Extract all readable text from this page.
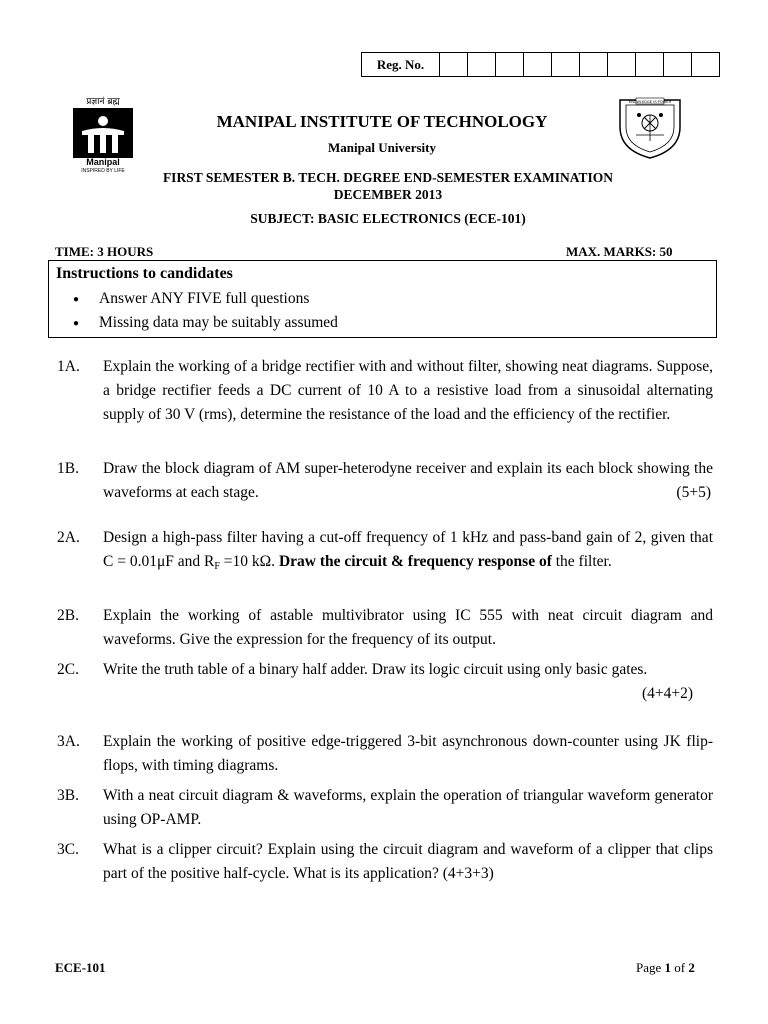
Reg. No.
प्रज्ञानं ब्रह्म
Manipal
INSPIRED BY LIFE
KNOWLEDGE IS POWER
MANIPAL INSTITUTE OF TECHNOLOGY
Manipal University
FIRST SEMESTER B. TECH. DEGREE END-SEMESTER EXAMINATION
DECEMBER 2013
SUBJECT: BASIC ELECTRONICS (ECE-101)
TIME: 3 HOURS	MAX. MARKS: 50
Instructions to candidates
●	Answer ANY FIVE full questions
●	Missing data may be suitably assumed
1A. Explain the working of a bridge rectifier with and without filter, showing neat diagrams. Suppose, a bridge rectifier feeds a DC current of 10 A to a resistive load from a sinusoidal alternating supply of 30 V (rms), determine the resistance of the load and the efficiency of the rectifier.
1B. Draw the block diagram of AM super-heterodyne receiver and explain its each block showing the waveforms at each stage.	(5+5)
2A. Design a high-pass filter having a cut-off frequency of 1 kHz and pass-band gain of 2, given that C = 0.01μF and $R_F =10$ kΩ. Draw the circuit & frequency response of the filter.
2B. Explain the working of astable multivibrator using IC 555 with neat circuit diagram and waveforms. Give the expression for the frequency of its output.
2C. Write the truth table of a binary half adder. Draw its logic circuit using only basic gates.
(4+4+2)
3A. Explain the working of positive edge-triggered 3-bit asynchronous down-counter using JK flip-flops, with timing diagrams.
3B. With a neat circuit diagram & waveforms, explain the operation of triangular waveform generator using OP-AMP.
3C. What is a clipper circuit? Explain using the circuit diagram and waveform of a clipper that clips part of the positive half-cycle. What is its application? (4+3+3)
ECE-101	Page 1 of 2
